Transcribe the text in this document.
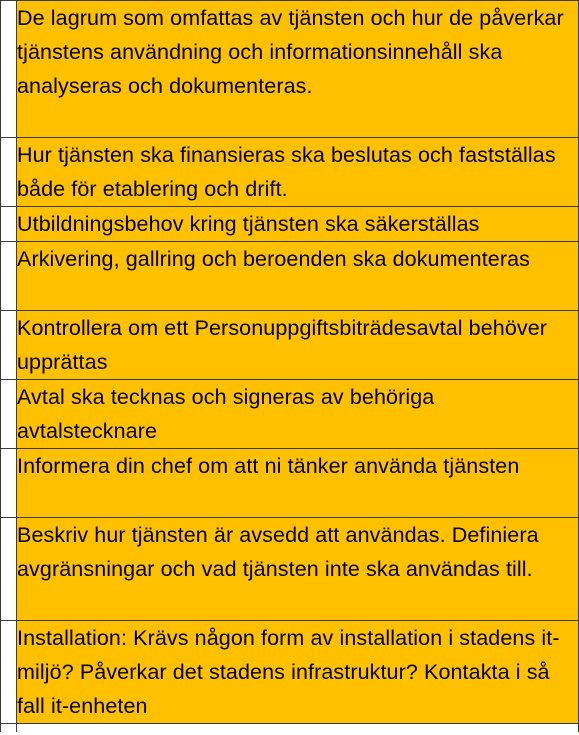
	De lagrum som omfattas av tjänsten och hur de påverkar tjänstens användning och informationsinnehåll ska analyseras och dokumenteras.
	Hur tjänsten ska finansieras ska beslutas och fastställas både för etablering och drift.
	Utbildningsbehov kring tjänsten ska säkerställas
	Arkivering, gallring och beroenden ska dokumenteras
	Kontrollera om ett Personuppgiftsbiträdesavtal behöver upprättas
	Avtal ska tecknas och signeras av behöriga avtalstecknare
	Informera din chef om att ni tänker använda tjänsten
	Beskriv hur tjänsten är avsedd att användas. Definiera avgränsningar och vad tjänsten inte ska användas till.
	Installation: Krävs någon form av installation i stadens it-miljö? Påverkar det stadens infrastruktur? Kontakta i så fall it-enheten
